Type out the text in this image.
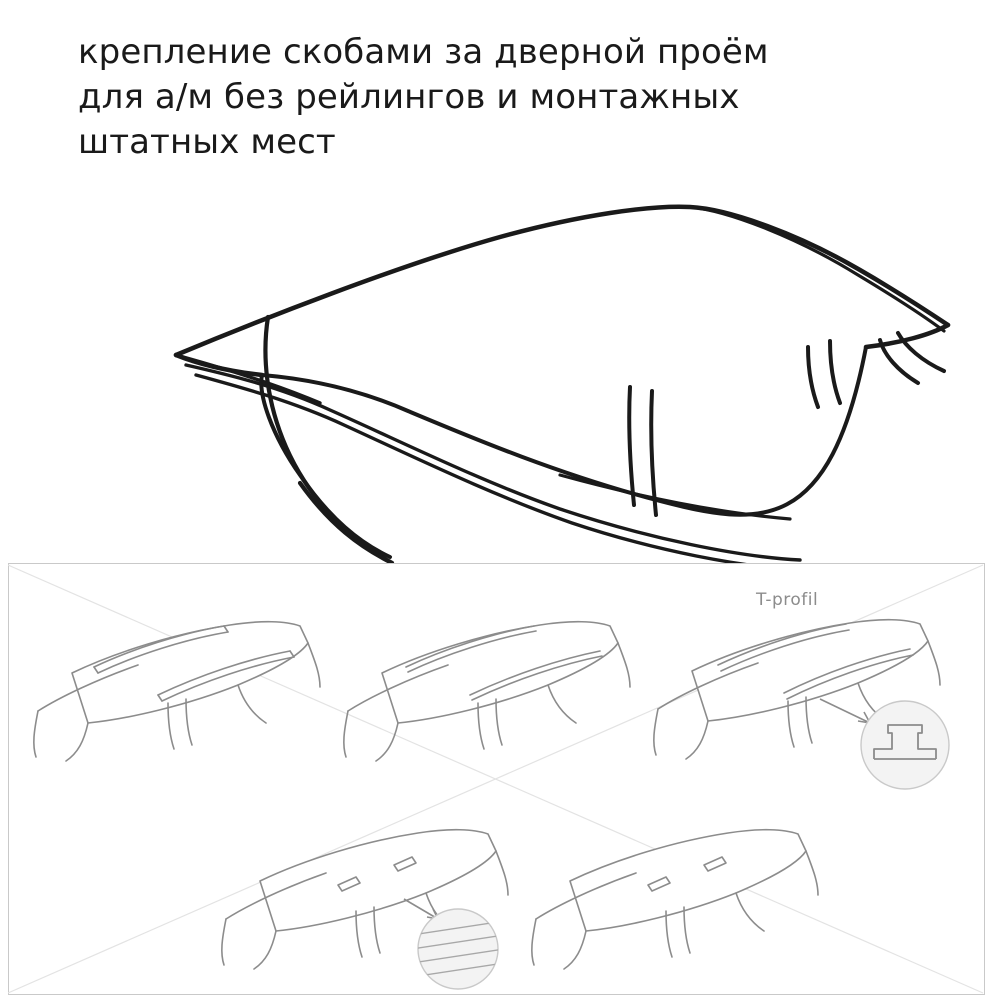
крепление скобами за дверной проём
для а/м без рейлингов и монтажных
штатных мест
T-profil
